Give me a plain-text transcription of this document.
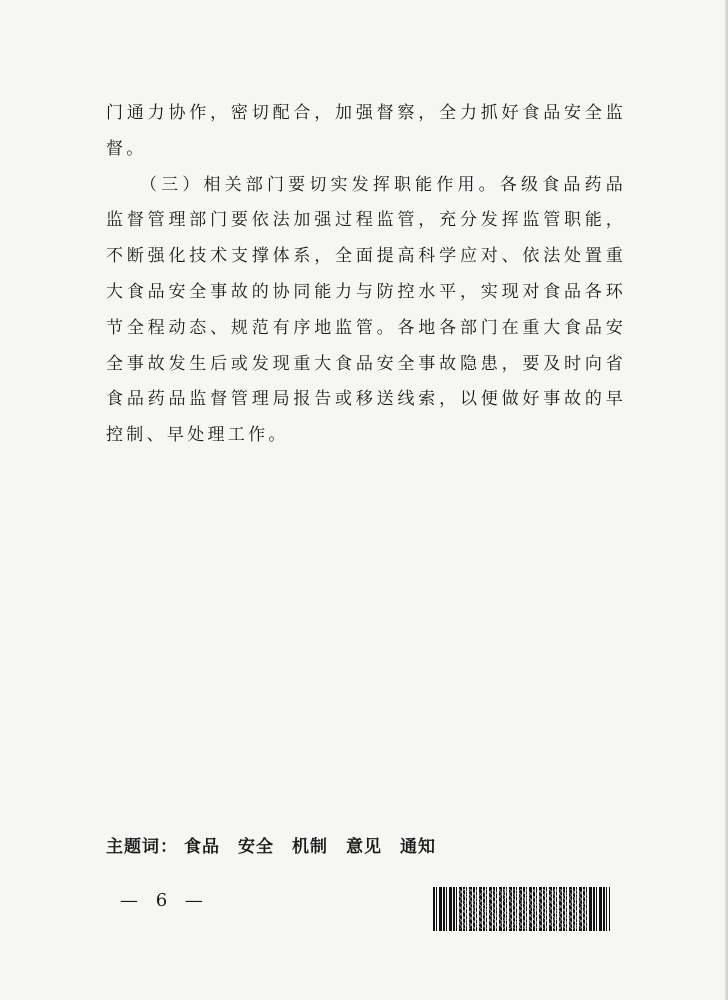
门通力协作，密切配合，加强督察，全力抓好食品安全监督。

（三）相关部门要切实发挥职能作用。各级食品药品监督管理部门要依法加强过程监管，充分发挥监管职能，不断强化技术支撑体系，全面提高科学应对、依法处置重大食品安全事故的协同能力与防控水平，实现对食品各环节全程动态、规范有序地监管。各地各部门在重大食品安全事故发生后或发现重大食品安全事故隐患，要及时向省食品药品监督管理局报告或移送线索，以便做好事故的早控制、早处理工作。

主题词： 食品 安全 机制 意见 通知
— 6 —
